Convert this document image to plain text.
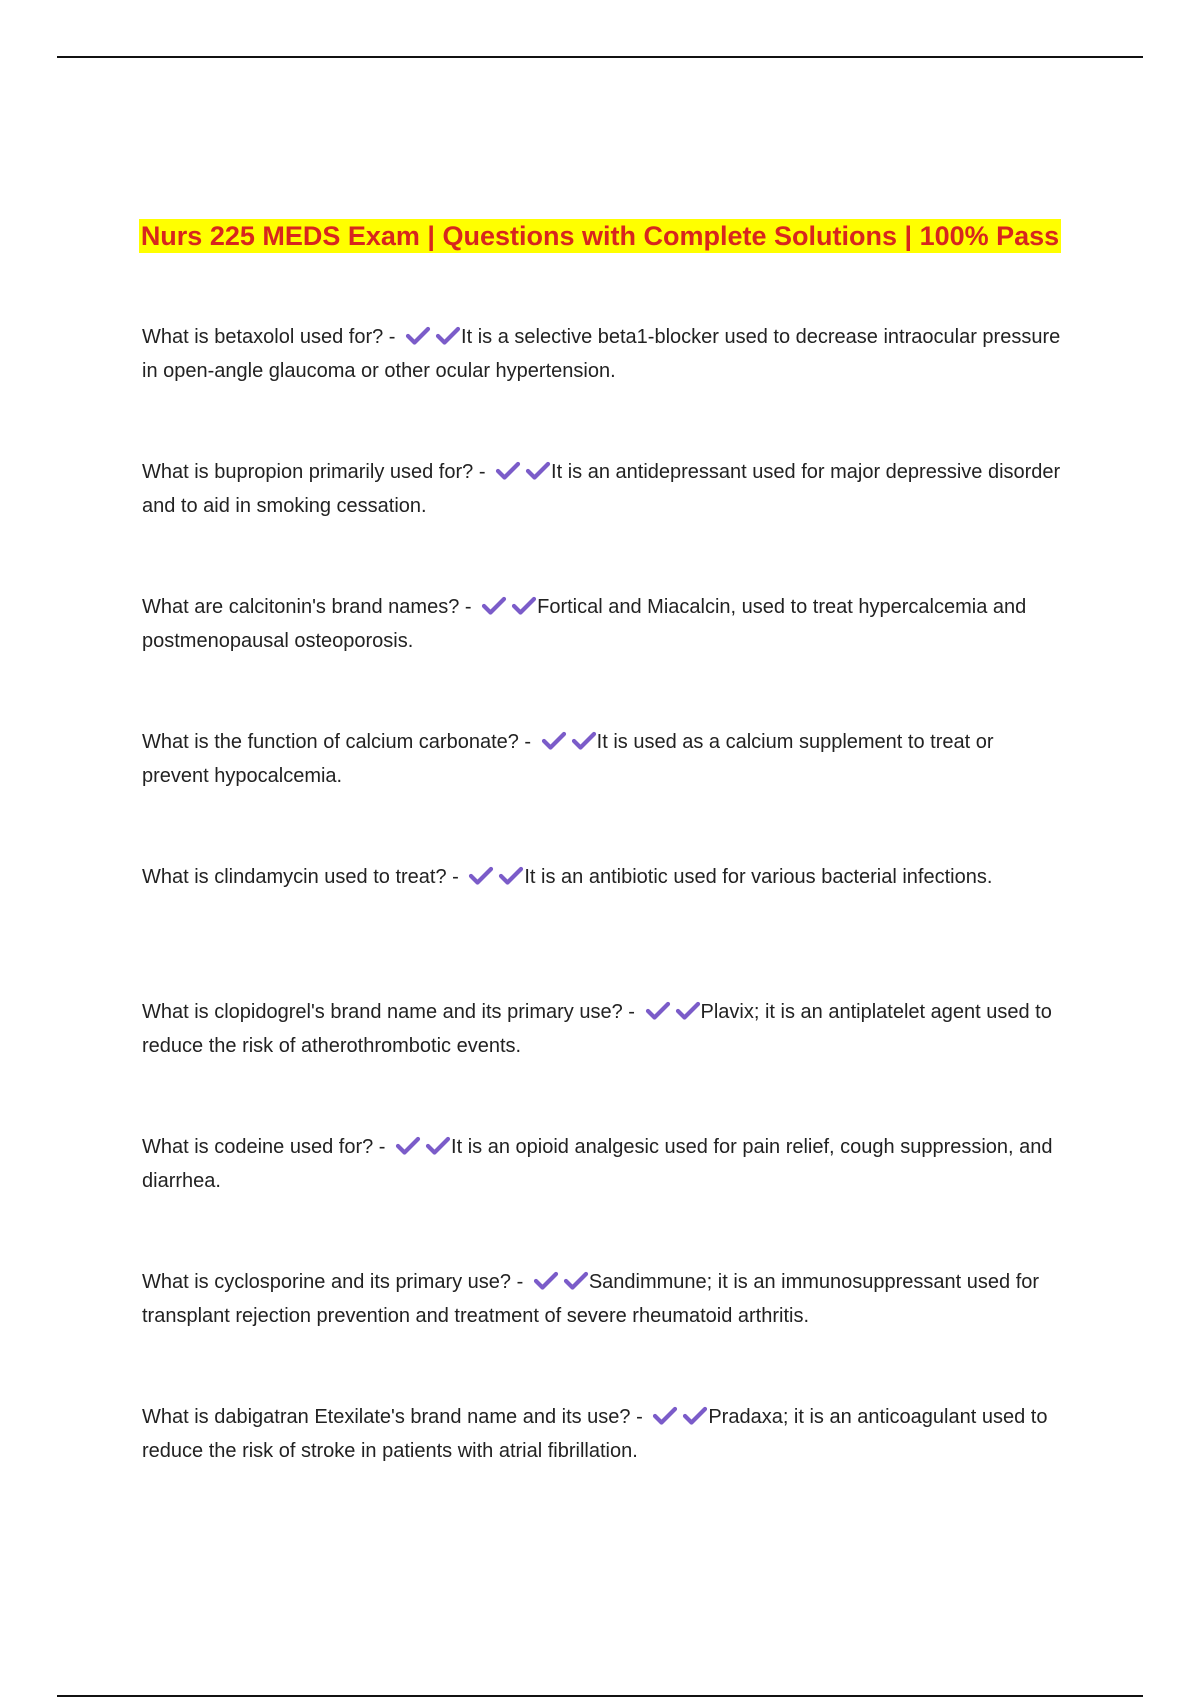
Nurs 225 MEDS Exam | Questions with Complete Solutions | 100% Pass
What is betaxolol used for? -	It is a selective beta1-blocker used to decrease intraocular pressure in open-angle glaucoma or other ocular hypertension.
What is bupropion primarily used for? -	It is an antidepressant used for major depressive disorder and to aid in smoking cessation.
What are calcitonin's brand names? -	Fortical and Miacalcin, used to treat hypercalcemia and postmenopausal osteoporosis.
What is the function of calcium carbonate? -	It is used as a calcium supplement to treat or prevent hypocalcemia.
What is clindamycin used to treat? -	It is an antibiotic used for various bacterial infections.
What is clopidogrel's brand name and its primary use? -	Plavix; it is an antiplatelet agent used to reduce the risk of atherothrombotic events.
What is codeine used for? -	It is an opioid analgesic used for pain relief, cough suppression, and diarrhea.
What is cyclosporine and its primary use? -	Sandimmune; it is an immunosuppressant used for transplant rejection prevention and treatment of severe rheumatoid arthritis.
What is dabigatran Etexilate's brand name and its use? -	Pradaxa; it is an anticoagulant used to reduce the risk of stroke in patients with atrial fibrillation.
